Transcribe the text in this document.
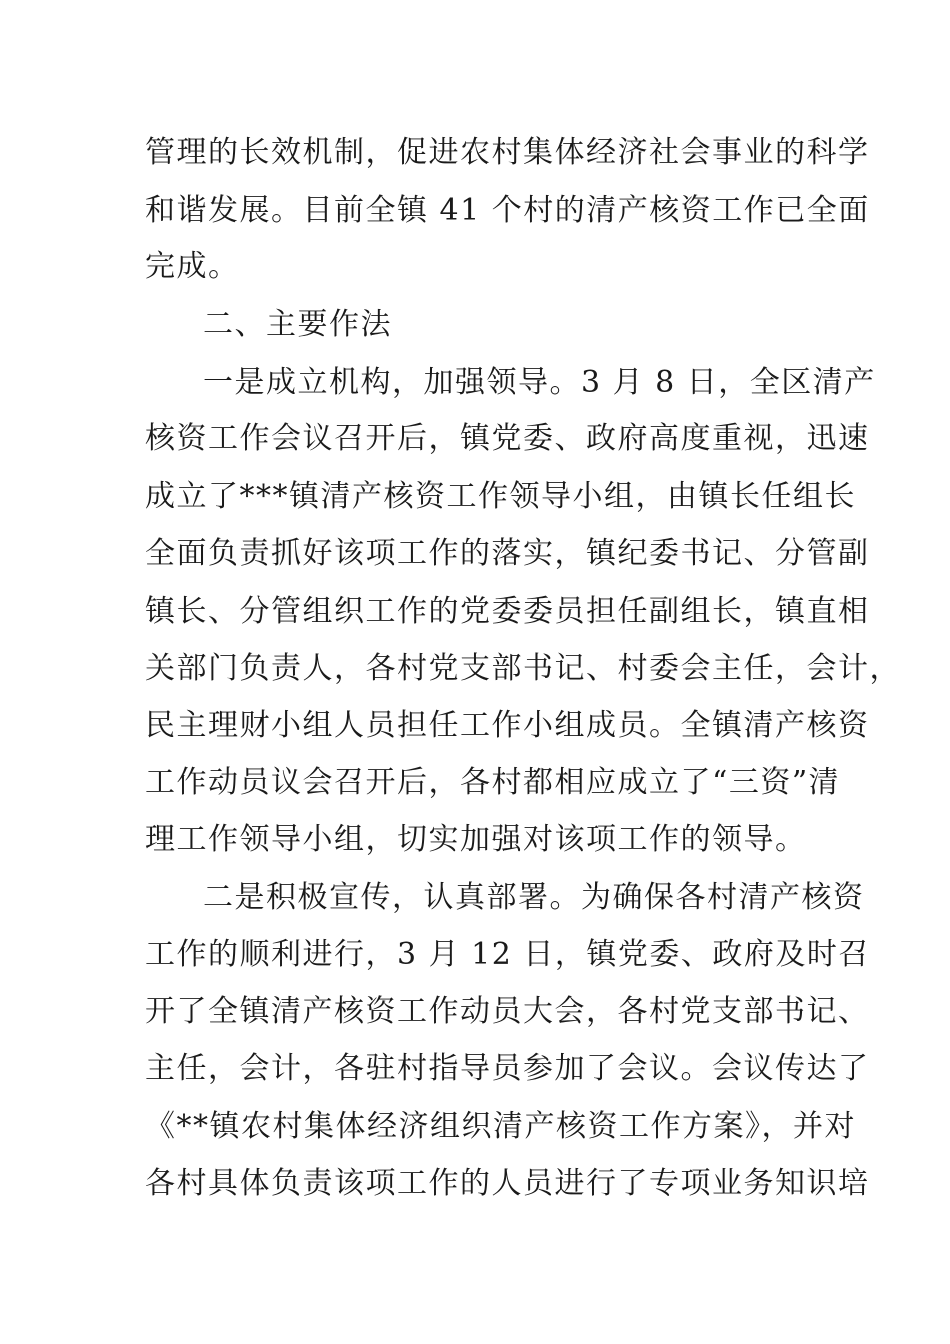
管理的长效机制，促进农村集体经济社会事业的科学
和谐发展。目前全镇 41 个村的清产核资工作已全面
完成。
二、主要作法
一是成立机构，加强领导。3 月 8 日，全区清产
核资工作会议召开后，镇党委、政府高度重视，迅速
成立了***镇清产核资工作领导小组，由镇长任组长
全面负责抓好该项工作的落实，镇纪委书记、分管副
镇长、分管组织工作的党委委员担任副组长，镇直相
关部门负责人，各村党支部书记、村委会主任，会计，
民主理财小组人员担任工作小组成员。全镇清产核资
工作动员议会召开后，各村都相应成立了“三资”清
理工作领导小组，切实加强对该项工作的领导。
二是积极宣传，认真部署。为确保各村清产核资
工作的顺利进行，3 月 12 日，镇党委、政府及时召
开了全镇清产核资工作动员大会，各村党支部书记、
主任，会计，各驻村指导员参加了会议。会议传达了
《**镇农村集体经济组织清产核资工作方案》，并对
各村具体负责该项工作的人员进行了专项业务知识培
